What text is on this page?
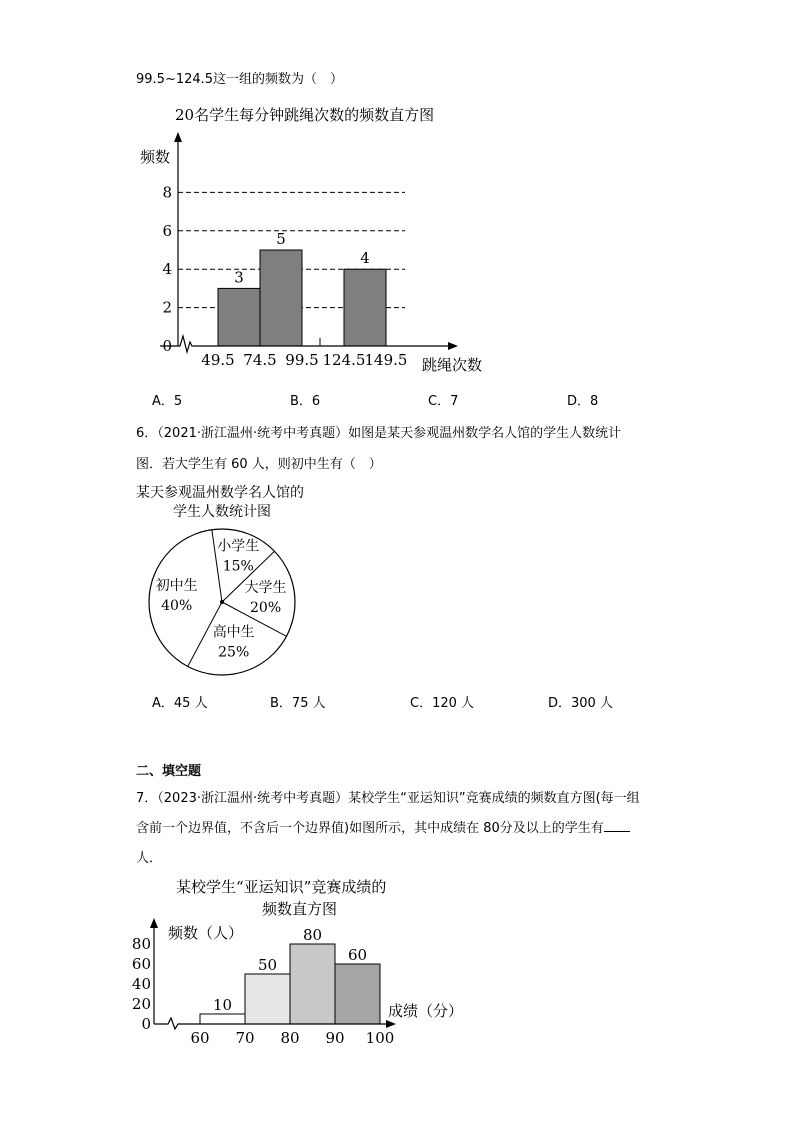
99.5~124.5这一组的频数为（　）
20名学生每分钟跳绳次数的频数直方图
频数
3
5
4
0
2
4
6
8
49.5 74.5 99.5 124.5 149.5 跳绳次数
A．5	B．6	C．7	D．8
6．（2021·浙江温州·统考中考真题）如图是某天参观温州数学名人馆的学生人数统计
图．若大学生有 60 人，则初中生有（　）
某天参观温州数学名人馆的
学生人数统计图
小学生
15%
大学生
20%
高中生
25%
初中生
40%
A．45 人	B．75 人	C．120 人	D．300 人
二、填空题
7．（2023·浙江温州·统考中考真题）某校学生“亚运知识”竞赛成绩的频数直方图(每一组
含前一个边界值，不含后一个边界值)如图所示，其中成绩在 80分及以上的学生有
人．
某校学生“亚运知识”竞赛成绩的
频数直方图
频数（人）
10
50
80
60
0
20
40
60
80
60 70 80 90 100
成绩（分）
